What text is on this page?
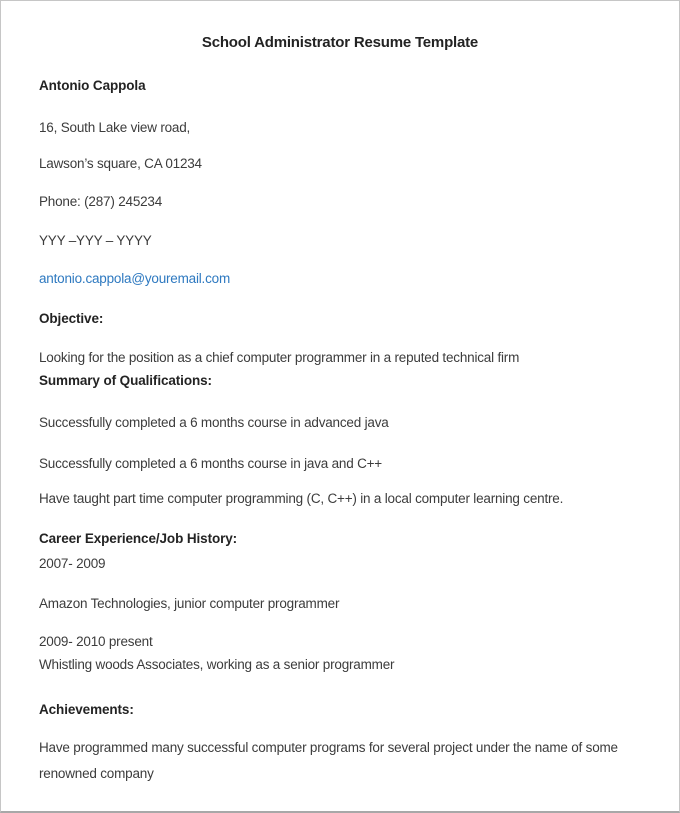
School Administrator Resume Template

Antonio Cappola

16, South Lake view road,

Lawson’s square, CA 01234

Phone: (287) 245234

YYY –YYY – YYYY

antonio.cappola@youremail.com

Objective:

Looking for the position as a chief computer programmer in a reputed technical firm

Summary of Qualifications:

Successfully completed a 6 months course in advanced java

Successfully completed a 6 months course in java and C++

Have taught part time computer programming (C, C++) in a local computer learning centre.

Career Experience/Job History:

2007- 2009

Amazon Technologies, junior computer programmer

2009- 2010 present

Whistling woods Associates, working as a senior programmer

Achievements:

Have programmed many successful computer programs for several project under the name of some renowned company
